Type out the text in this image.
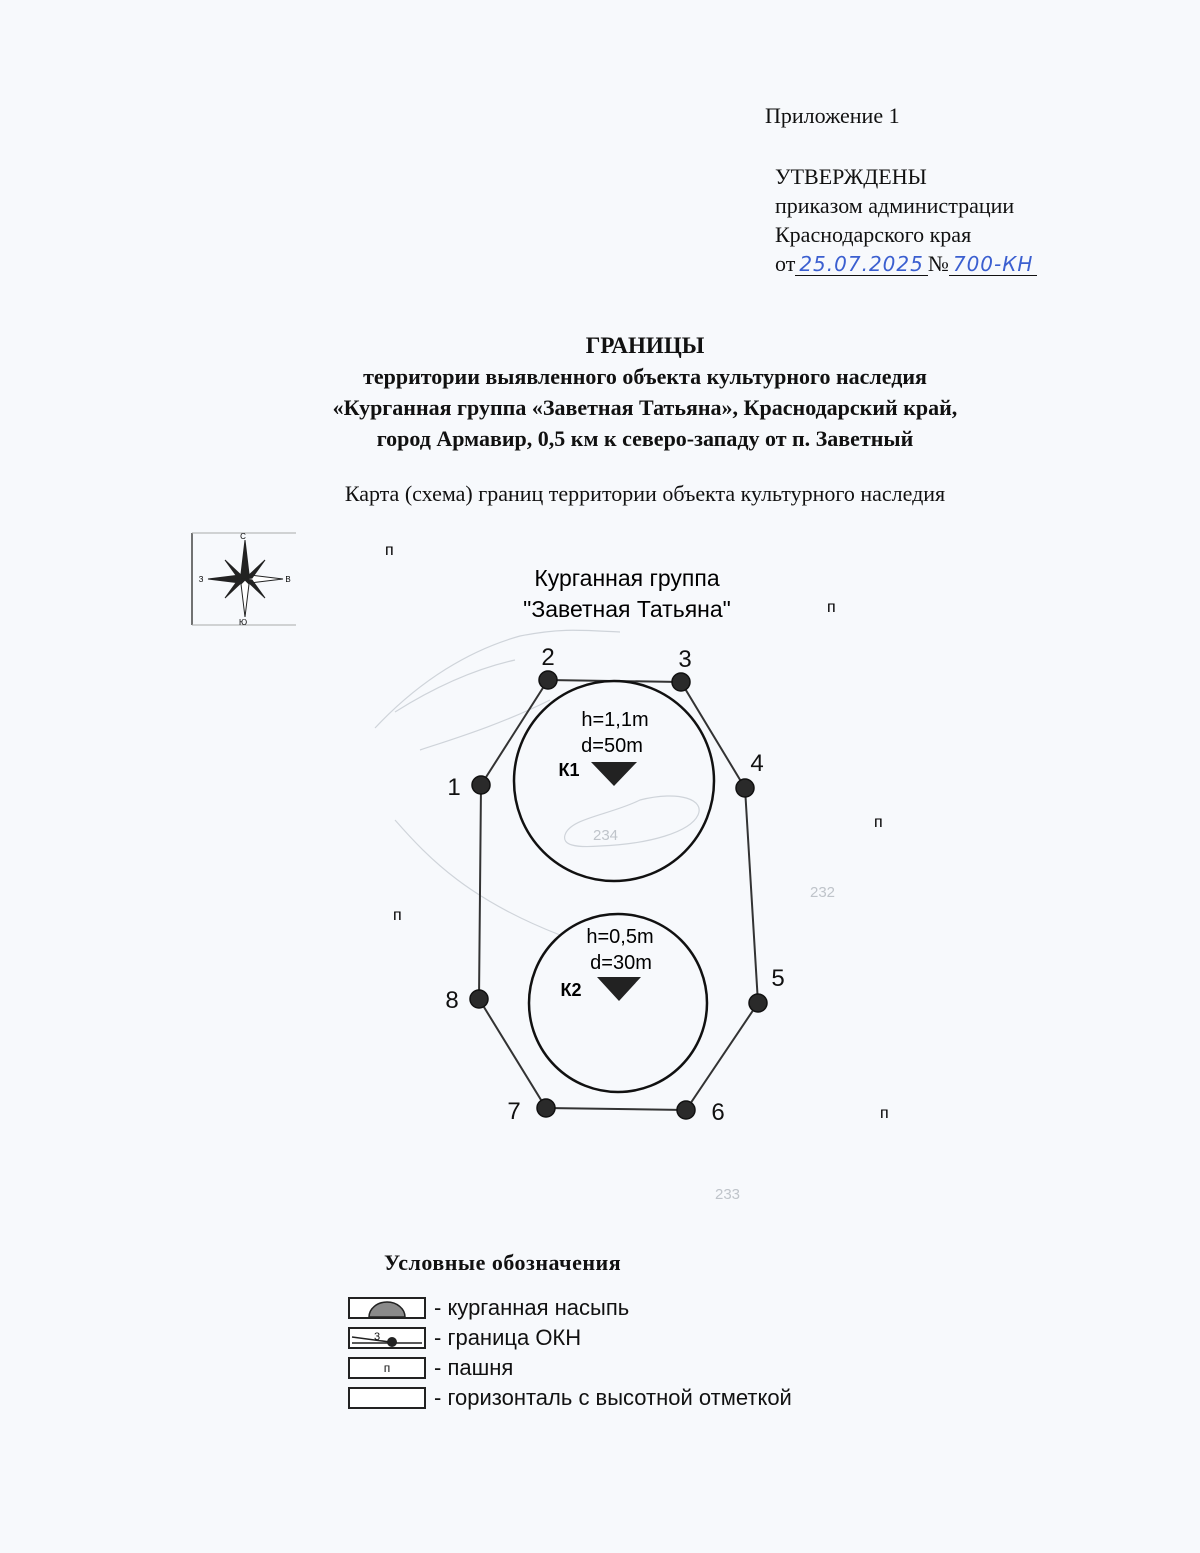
Приложение 1
УТВЕРЖДЕНЫ
приказом администрации
Краснодарского края
от 25.07.2025 № 700-КН
ГРАНИЦЫ
территории выявленного объекта культурного наследия
«Курганная группа «Заветная Татьяна», Краснодарский край,
город Армавир, 0,5 км к северо-западу от п. Заветный
Карта (схема) границ территории объекта культурного наследия
С
Ю
З	В
234
232
233
Курганная группа
"Заветная Татьяна"
п
п
п
п
п
h=1,1m
d=50m
К1
h=0,5m
d=30m
К2
1
2	3
4
5
6
7
8
Условные обозначения
- курганная насыпь
3 - граница ОКН
п - пашня
- горизонталь с высотной отметкой
